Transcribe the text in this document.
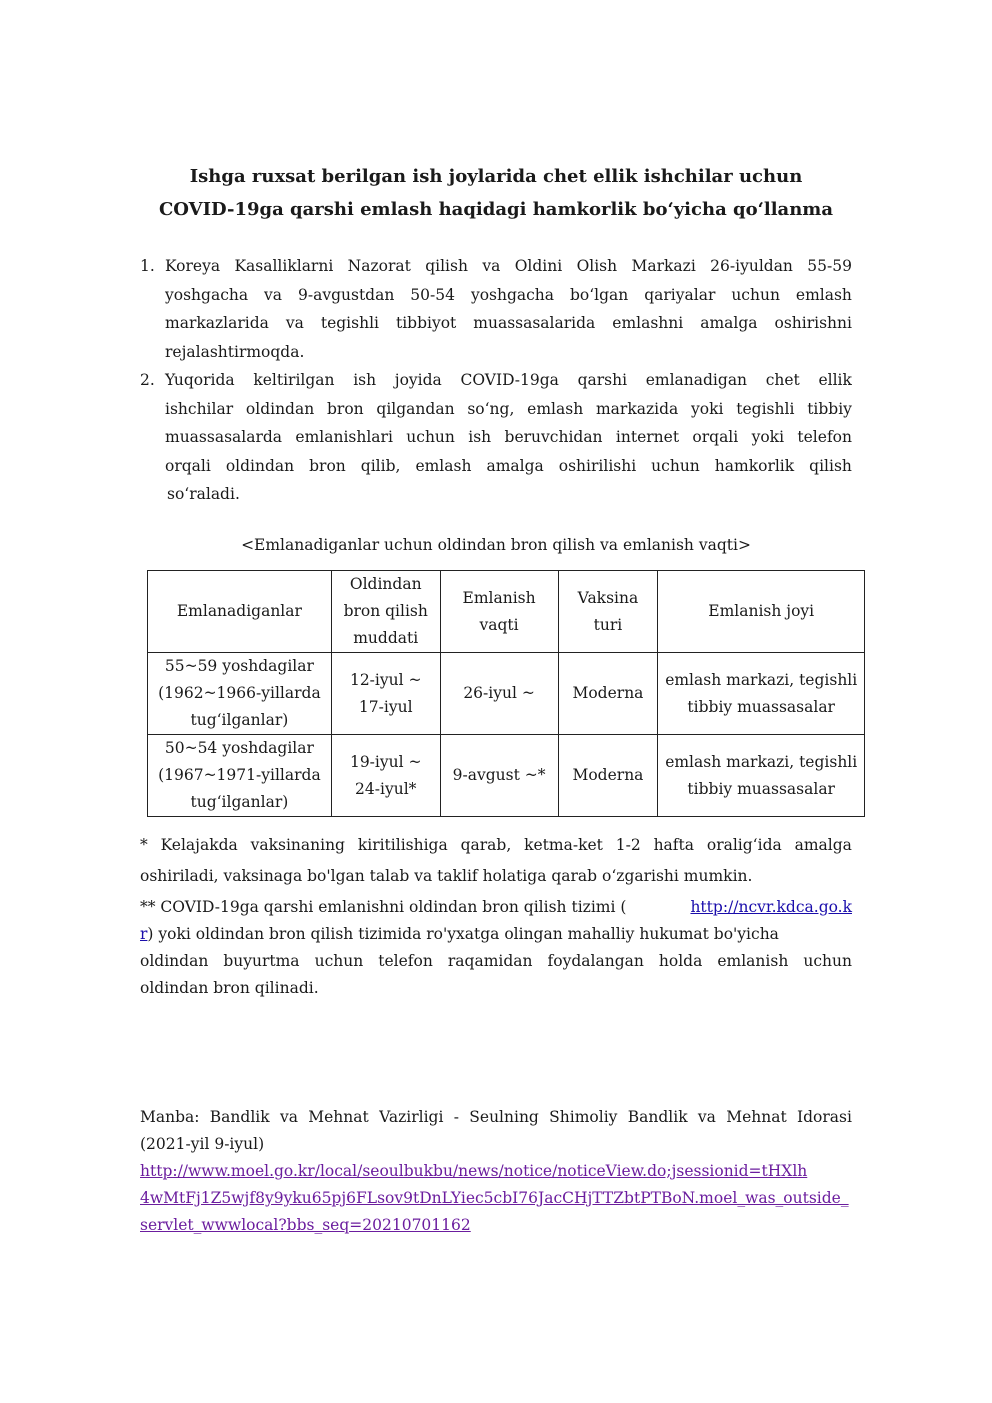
Ishga ruxsat berilgan ish joylarida chet ellik ishchilar uchun
COVID-19ga qarshi emlash haqidagi hamkorlik bo‘yicha qo‘llanma
1. Koreya Kasalliklarni Nazorat qilish va Oldini Olish Markazi 26-iyuldan 55-59
yoshgacha va 9-avgustdan 50-54 yoshgacha bo‘lgan qariyalar uchun emlash
markazlarida va tegishli tibbiyot muassasalarida emlashni amalga oshirishni
rejalashtirmoqda.
2. Yuqorida keltirilgan ish joyida COVID-19ga qarshi emlanadigan chet ellik
ishchilar oldindan bron qilgandan so‘ng, emlash markazida yoki tegishli tibbiy
muassasalarda emlanishlari uchun ish beruvchidan internet orqali yoki telefon
orqali oldindan bron qilib, emlash amalga oshirilishi uchun hamkorlik qilish
so‘raladi.
<Emlanadiganlar uchun oldindan bron qilish va emlanish vaqti>
Emlanadiganlar	Oldindan bron qilish muddati	Emlanish vaqti	Vaksina turi	Emlanish joyi
55~59 yoshdagilar (1962~1966-yillarda tug‘ilganlar)	12-iyul ~ 17-iyul	26-iyul ~	Moderna	emlash markazi, tegishli tibbiy muassasalar
50~54 yoshdagilar (1967~1971-yillarda tug‘ilganlar)	19-iyul ~ 24-iyul*	9-avgust ~*	Moderna	emlash markazi, tegishli tibbiy muassasalar
* Kelajakda vaksinaning kiritilishiga qarab, ketma-ket 1-2 hafta oralig‘ida amalga
oshiriladi, vaksinaga bo'lgan talab va taklif holatiga qarab o‘zgarishi mumkin.
** COVID-19ga qarshi emlanishni oldindan bron qilish tizimi (	http://ncvr.kdca.go.k
r) yoki oldindan bron qilish tizimida ro'yxatga olingan mahalliy hukumat bo'yicha
oldindan buyurtma uchun telefon raqamidan foydalangan holda emlanish uchun
oldindan bron qilinadi.
Manba: Bandlik va Mehnat Vazirligi - Seulning Shimoliy Bandlik va Mehnat Idorasi
(2021-yil 9-iyul)
http://www.moel.go.kr/local/seoulbukbu/news/notice/noticeView.do;jsessionid=tHXlh
4wMtFj1Z5wjf8y9yku65pj6FLsov9tDnLYiec5cbI76JacCHjTTZbtPTBoN.moel_was_outside_
servlet_wwwlocal?bbs_seq=20210701162
